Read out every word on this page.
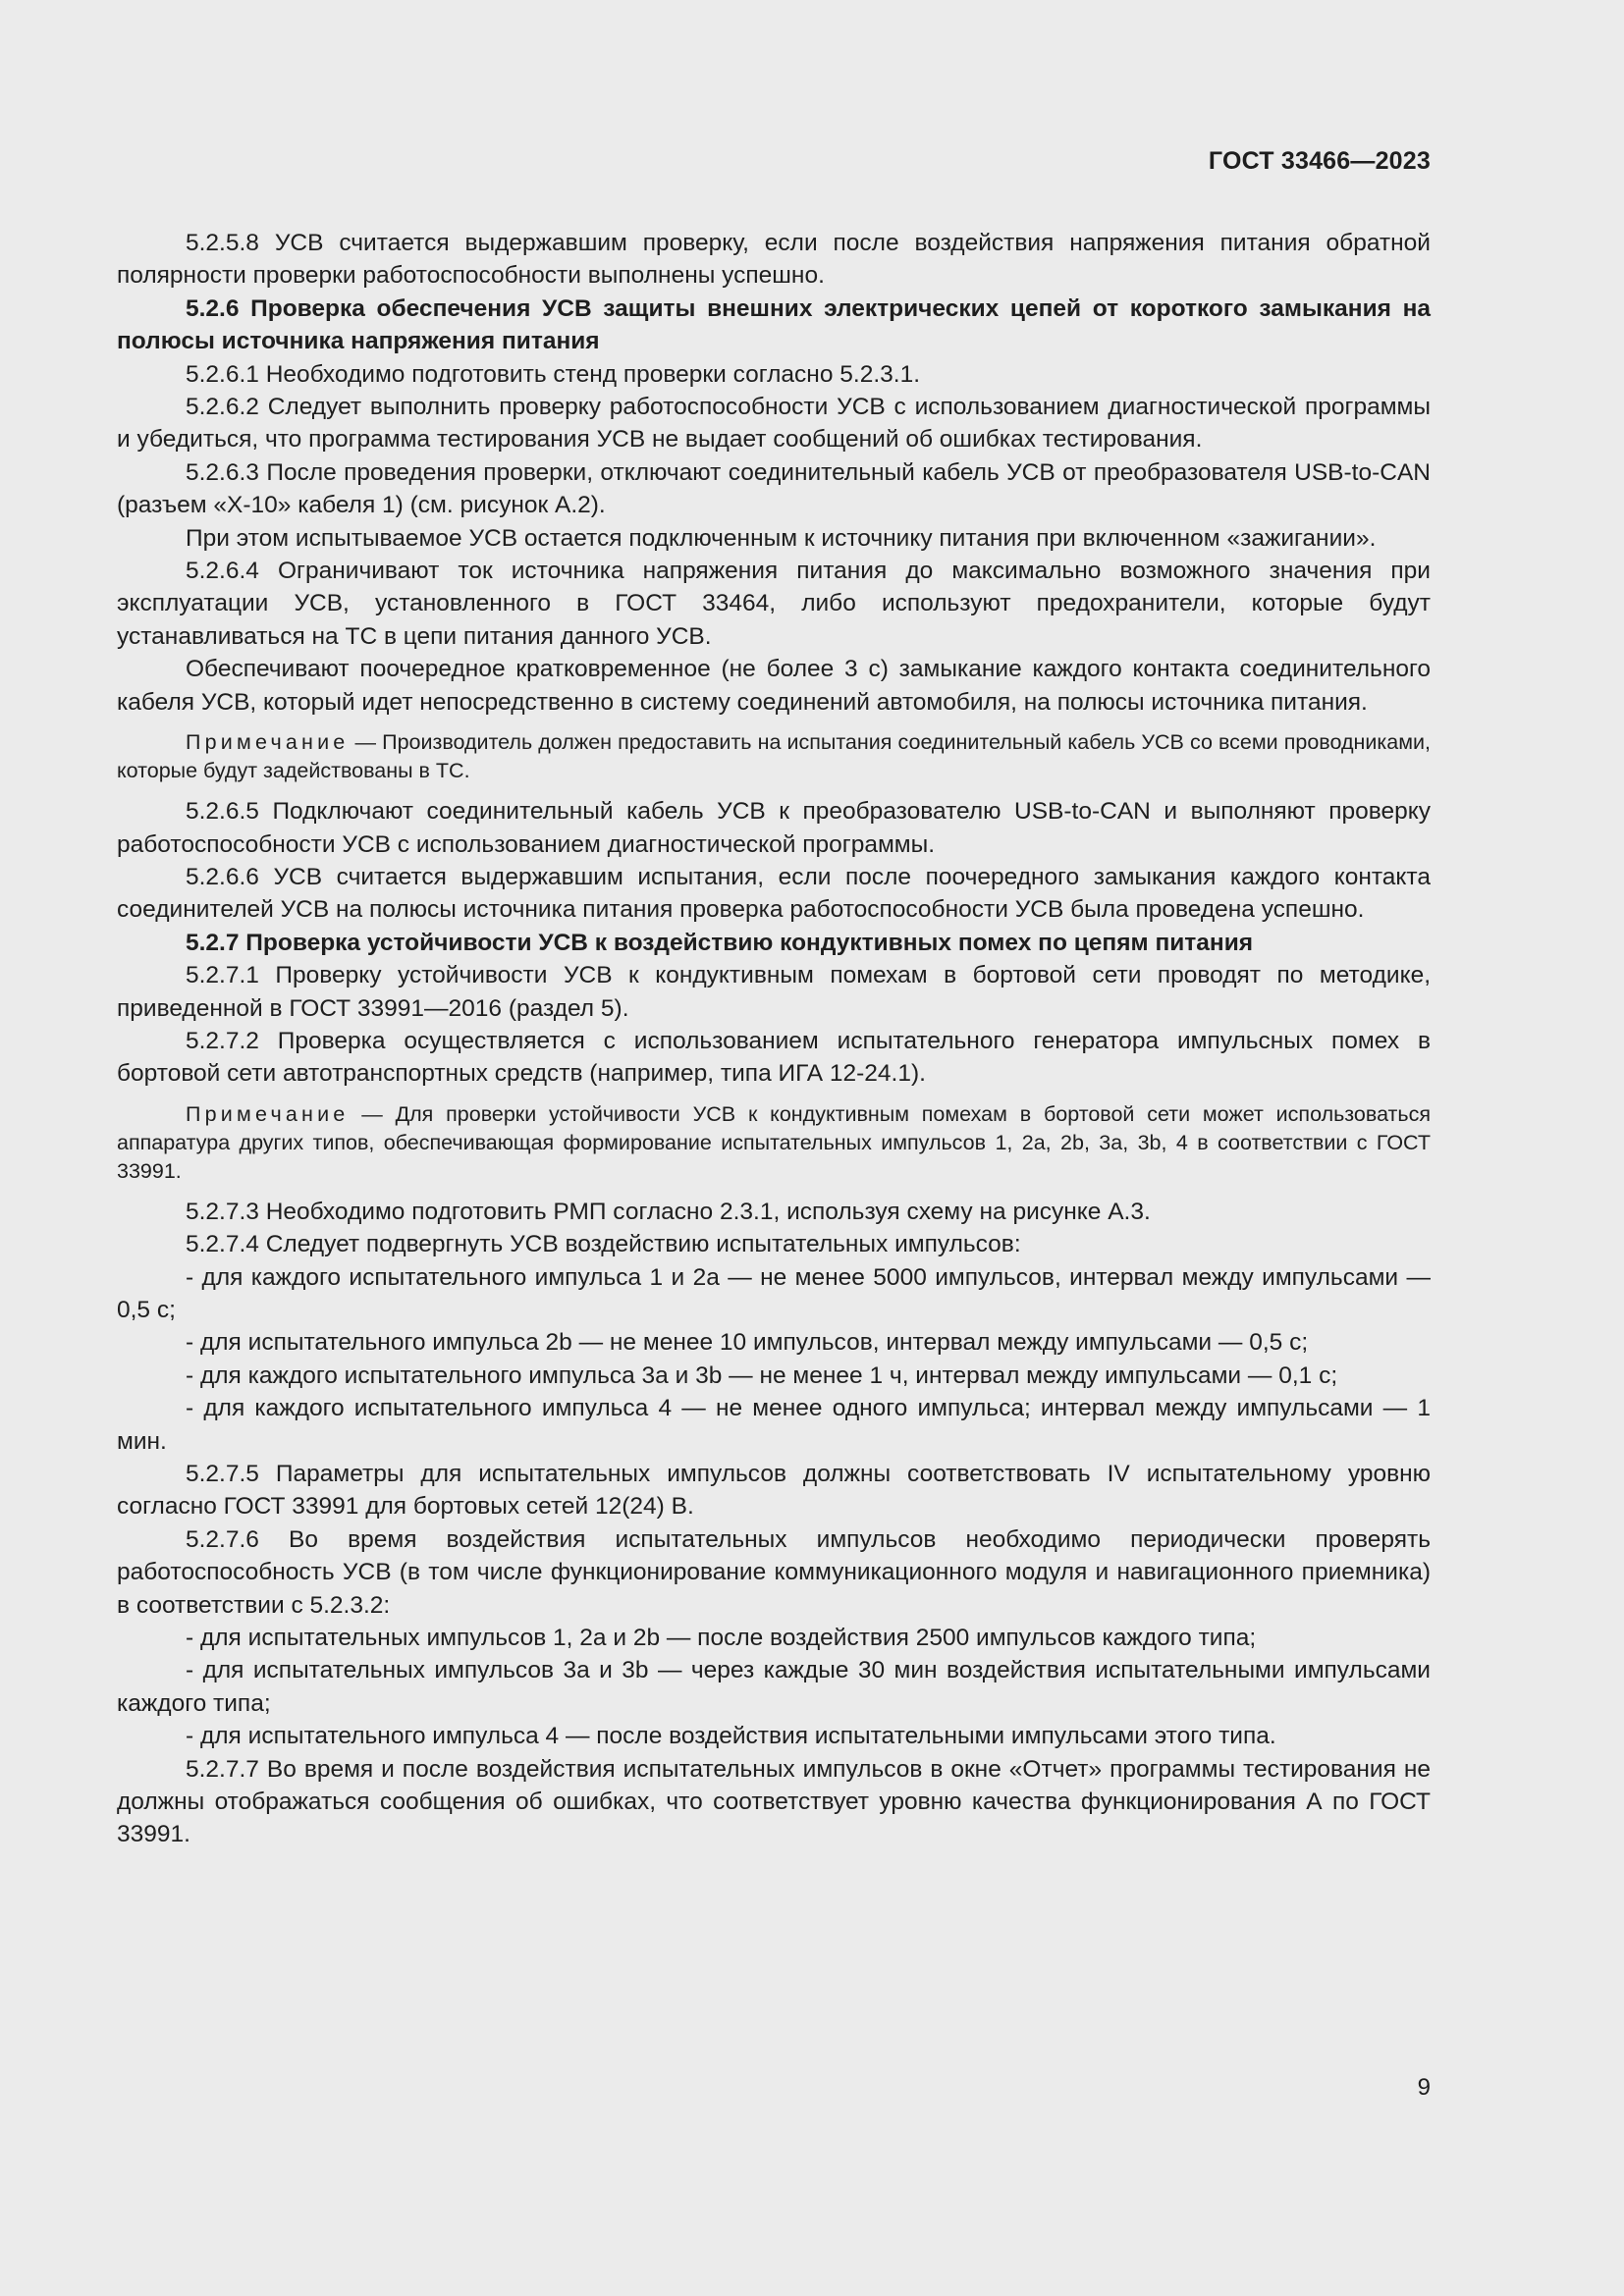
ГОСТ 33466—2023

5.2.5.8 УСВ считается выдержавшим проверку, если после воздействия напряжения питания обратной полярности проверки работоспособности выполнены успешно.

5.2.6 Проверка обеспечения УСВ защиты внешних электрических цепей от короткого замыкания на полюсы источника напряжения питания

5.2.6.1 Необходимо подготовить стенд проверки согласно 5.2.3.1.

5.2.6.2 Следует выполнить проверку работоспособности УСВ с использованием диагностической программы и убедиться, что программа тестирования УСВ не выдает сообщений об ошибках тестирования.

5.2.6.3 После проведения проверки, отключают соединительный кабель УСВ от преобразователя USB-to-CAN (разъем «Х-10» кабеля 1) (см. рисунок А.2).

При этом испытываемое УСВ остается подключенным к источнику питания при включенном «зажигании».

5.2.6.4 Ограничивают ток источника напряжения питания до максимально возможного значения при эксплуатации УСВ, установленного в ГОСТ 33464, либо используют предохранители, которые будут устанавливаться на ТС в цепи питания данного УСВ.

Обеспечивают поочередное кратковременное (не более 3 с) замыкание каждого контакта соединительного кабеля УСВ, который идет непосредственно в систему соединений автомобиля, на полюсы источника питания.

Примечание — Производитель должен предоставить на испытания соединительный кабель УСВ со всеми проводниками, которые будут задействованы в ТС.

5.2.6.5 Подключают соединительный кабель УСВ к преобразователю USB-to-CAN и выполняют проверку работоспособности УСВ с использованием диагностической программы.

5.2.6.6 УСВ считается выдержавшим испытания, если после поочередного замыкания каждого контакта соединителей УСВ на полюсы источника питания проверка работоспособности УСВ была проведена успешно.

5.2.7 Проверка устойчивости УСВ к воздействию кондуктивных помех по цепям питания

5.2.7.1 Проверку устойчивости УСВ к кондуктивным помехам в бортовой сети проводят по методике, приведенной в ГОСТ 33991—2016 (раздел 5).

5.2.7.2 Проверка осуществляется с использованием испытательного генератора импульсных помех в бортовой сети автотранспортных средств (например, типа ИГА 12-24.1).

Примечание — Для проверки устойчивости УСВ к кондуктивным помехам в бортовой сети может использоваться аппаратура других типов, обеспечивающая формирование испытательных импульсов 1, 2a, 2b, 3a, 3b, 4 в соответствии с ГОСТ 33991.

5.2.7.3 Необходимо подготовить РМП согласно 2.3.1, используя схему на рисунке А.3.

5.2.7.4 Следует подвергнуть УСВ воздействию испытательных импульсов:

- для каждого испытательного импульса 1 и 2a — не менее 5000 импульсов, интервал между импульсами — 0,5 с;

- для испытательного импульса 2b — не менее 10 импульсов, интервал между импульсами — 0,5 с;

- для каждого испытательного импульса 3a и 3b — не менее 1 ч, интервал между импульсами — 0,1 с;

- для каждого испытательного импульса 4 — не менее одного импульса; интервал между импульсами — 1 мин.

5.2.7.5 Параметры для испытательных импульсов должны соответствовать IV испытательному уровню согласно ГОСТ 33991 для бортовых сетей 12(24) В.

5.2.7.6 Во время воздействия испытательных импульсов необходимо периодически проверять работоспособность УСВ (в том числе функционирование коммуникационного модуля и навигационного приемника) в соответствии с 5.2.3.2:

- для испытательных импульсов 1, 2a и 2b — после воздействия 2500 импульсов каждого типа;

- для испытательных импульсов 3a и 3b — через каждые 30 мин воздействия испытательными импульсами каждого типа;

- для испытательного импульса 4 — после воздействия испытательными импульсами этого типа.

5.2.7.7 Во время и после воздействия испытательных импульсов в окне «Отчет» программы тестирования не должны отображаться сообщения об ошибках, что соответствует уровню качества функционирования А по ГОСТ 33991.

9
